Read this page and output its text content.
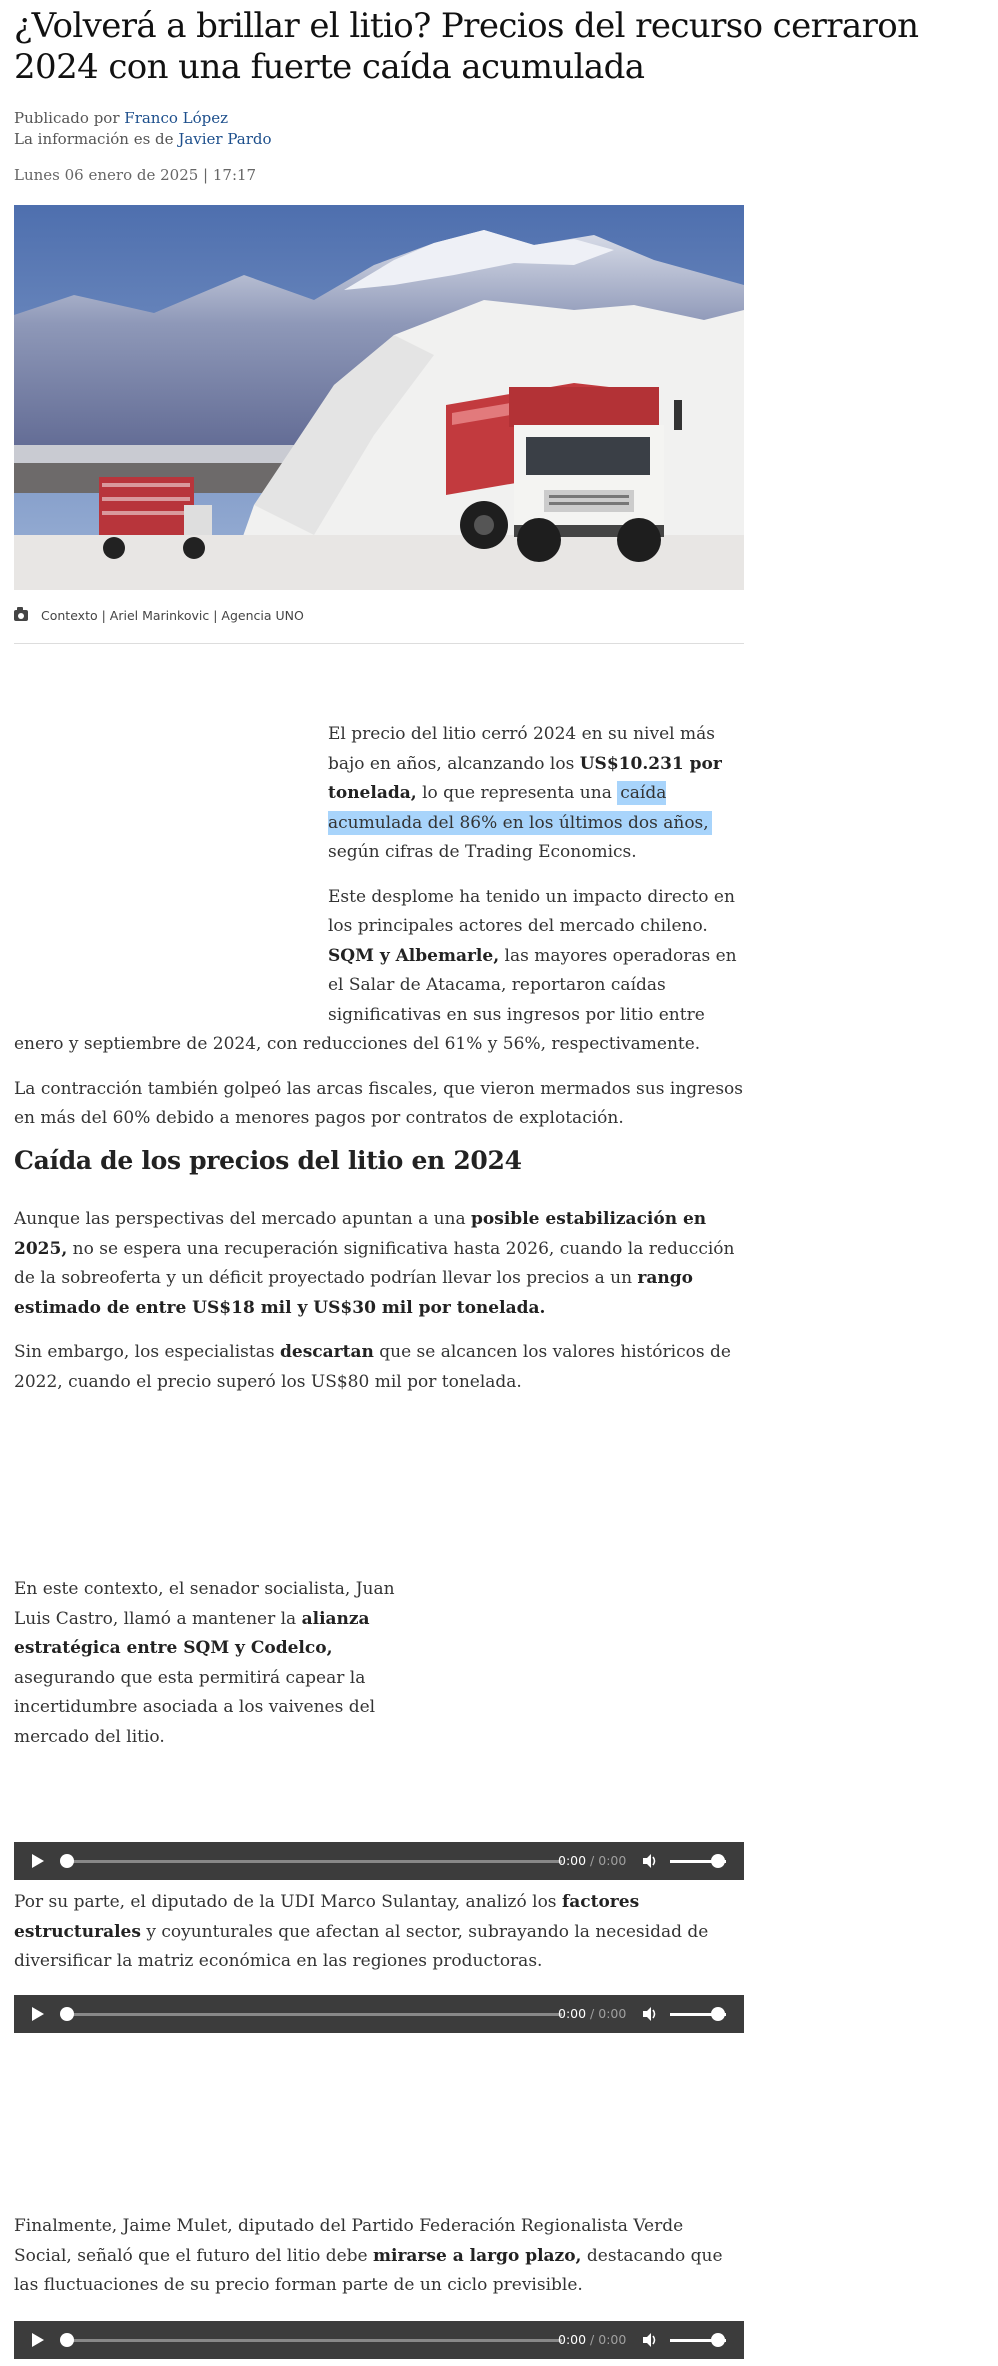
¿Volverá a brillar el litio? Precios del recurso cerraron 2024 con una fuerte caída acumulada
Publicado por Franco López
La información es de Javier Pardo
Lunes 06 enero de 2025 | 17:17
Contexto | Ariel Marinkovic | Agencia UNO

El precio del litio cerró 2024 en su nivel más bajo en años, alcanzando los US$10.231 por tonelada, lo que representa una caída acumulada del 86% en los últimos dos años, según cifras de Trading Economics.

Este desplome ha tenido un impacto directo en los principales actores del mercado chileno. SQM y Albemarle, las mayores operadoras en el Salar de Atacama, reportaron caídas significativas en sus ingresos por litio entre enero y septiembre de 2024, con reducciones del 61% y 56%, respectivamente.

La contracción también golpeó las arcas fiscales, que vieron mermados sus ingresos en más del 60% debido a menores pagos por contratos de explotación.

Caída de los precios del litio en 2024

Aunque las perspectivas del mercado apuntan a una posible estabilización en 2025, no se espera una recuperación significativa hasta 2026, cuando la reducción de la sobreoferta y un déficit proyectado podrían llevar los precios a un rango estimado de entre US$18 mil y US$30 mil por tonelada.

Sin embargo, los especialistas descartan que se alcancen los valores históricos de 2022, cuando el precio superó los US$80 mil por tonelada.

En este contexto, el senador socialista, Juan Luis Castro, llamó a mantener la alianza estratégica entre SQM y Codelco, asegurando que esta permitirá capear la incertidumbre asociada a los vaivenes del mercado del litio.

0:00 / 0:00

Por su parte, el diputado de la UDI Marco Sulantay, analizó los factores estructurales y coyunturales que afectan al sector, subrayando la necesidad de diversificar la matriz económica en las regiones productoras.

0:00 / 0:00

Finalmente, Jaime Mulet, diputado del Partido Federación Regionalista Verde Social, señaló que el futuro del litio debe mirarse a largo plazo, destacando que las fluctuaciones de su precio forman parte de un ciclo previsible.

0:00 / 0:00
